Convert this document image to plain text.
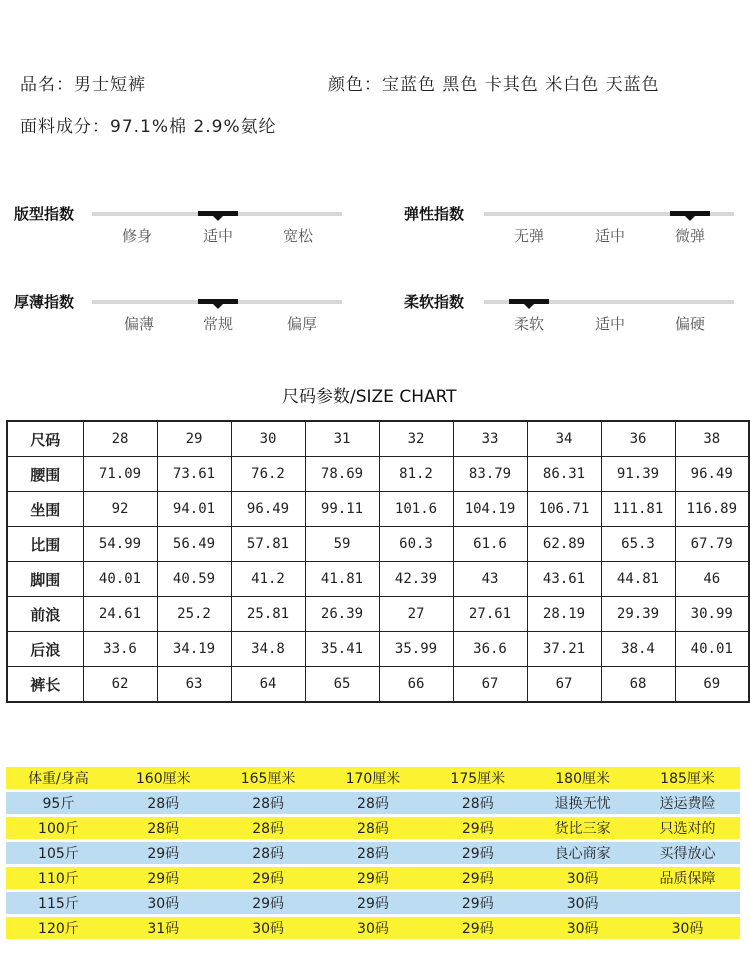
品名：男士短裤	颜色：宝蓝色 黑色 卡其色 米白色 天蓝色
面料成分：97.1%棉 2.9%氨纶
版型指数
修身	适中	宽松
弹性指数
无弹	适中	微弹
厚薄指数
偏薄	常规	偏厚
柔软指数
柔软	适中	偏硬
尺码参数/SIZE CHART
尺码	28	29	30	31	32	33	34	36	38
腰围	71.09	73.61	76.2	78.69	81.2	83.79	86.31	91.39	96.49
坐围	92	94.01	96.49	99.11	101.6	104.19	106.71	111.81	116.89
比围	54.99	56.49	57.81	59	60.3	61.6	62.89	65.3	67.79
脚围	40.01	40.59	41.2	41.81	42.39	43	43.61	44.81	46
前浪	24.61	25.2	25.81	26.39	27	27.61	28.19	29.39	30.99
后浪	33.6	34.19	34.8	35.41	35.99	36.6	37.21	38.4	40.01
裤长	62	63	64	65	66	67	67	68	69
体重/身高	160厘米	165厘米	170厘米	175厘米	180厘米	185厘米
95斤	28码	28码	28码	28码	退换无忧	送运费险
100斤	28码	28码	28码	29码	货比三家	只选对的
105斤	29码	28码	28码	29码	良心商家	买得放心
110斤	29码	29码	29码	29码	30码	品质保障
115斤	30码	29码	29码	29码	30码	
120斤	31码	30码	30码	29码	30码	30码
